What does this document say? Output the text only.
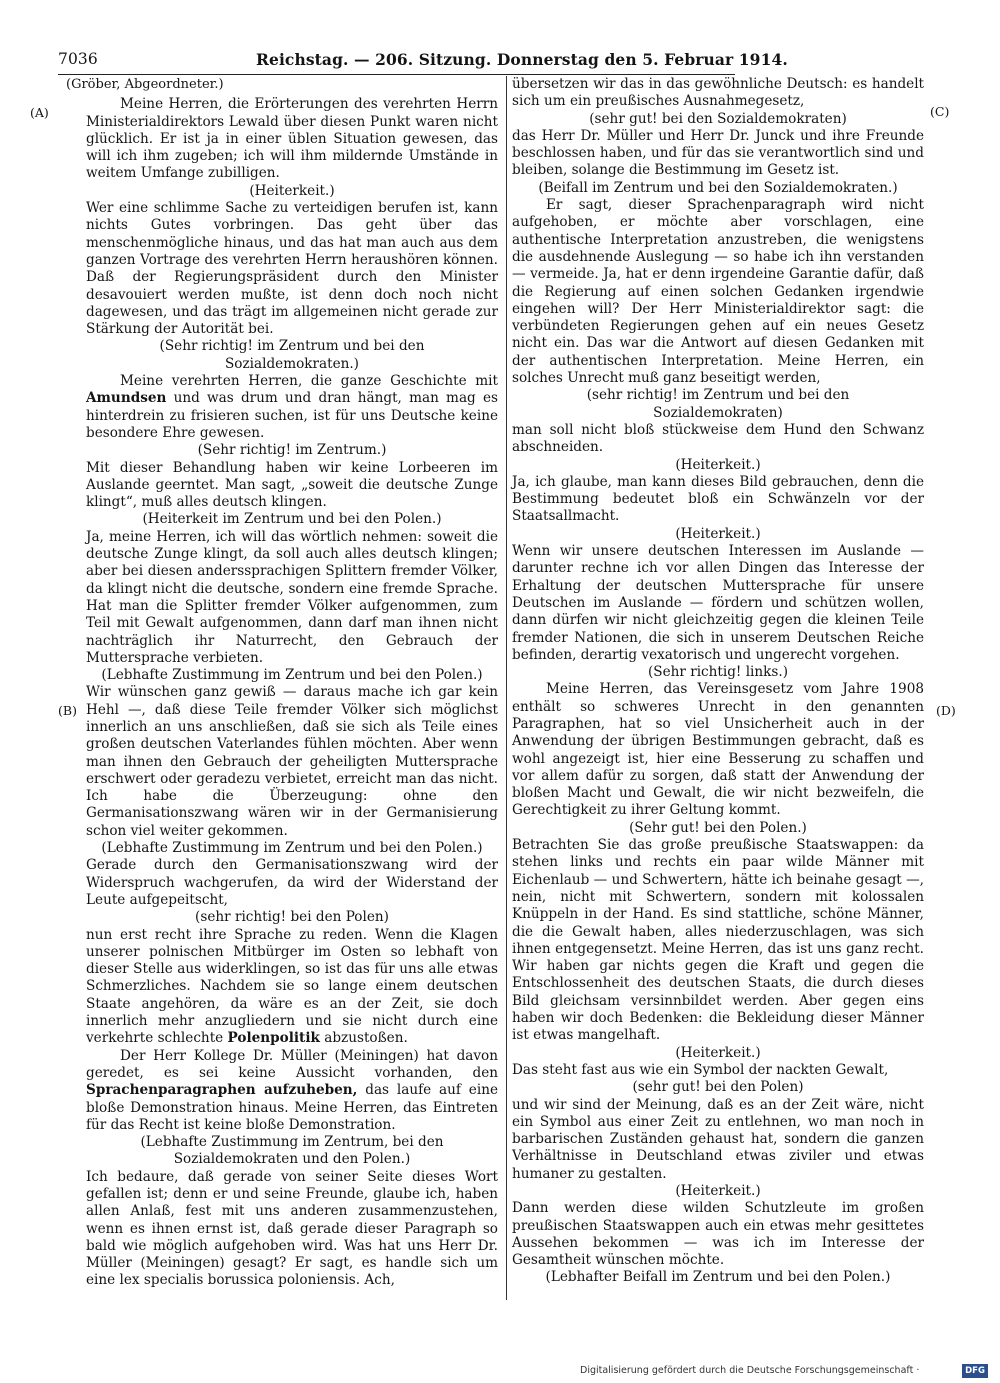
7036	Reichstag. — 206. Sitzung. Donnerstag den 5. Februar 1914.
(A)
(B)
(C)
(D)

(Gröber, Abgeordneter.)

Meine Herren, die Erörterungen des verehrten Herrn Ministerialdirektors Lewald über diesen Punkt waren nicht glücklich. Er ist ja in einer üblen Situation gewesen, das will ich ihm zugeben; ich will ihm mildernde Umstände in weitem Umfange zubilligen.

(Heiterkeit.)

Wer eine schlimme Sache zu verteidigen berufen ist, kann nichts Gutes vorbringen. Das geht über das menschenmögliche hinaus, und das hat man auch aus dem ganzen Vortrage des verehrten Herrn heraushören können. Daß der Regierungspräsident durch den Minister desavouiert werden mußte, ist denn doch noch nicht dagewesen, und das trägt im allgemeinen nicht gerade zur Stärkung der Autorität bei.

(Sehr richtig! im Zentrum und bei den Sozialdemokraten.)

Meine verehrten Herren, die ganze Geschichte mit Amundsen und was drum und dran hängt, man mag es hinterdrein zu frisieren suchen, ist für uns Deutsche keine besondere Ehre gewesen.

(Sehr richtig! im Zentrum.)

Mit dieser Behandlung haben wir keine Lorbeeren im Auslande geerntet. Man sagt, „soweit die deutsche Zunge klingt“, muß alles deutsch klingen.

(Heiterkeit im Zentrum und bei den Polen.)

Ja, meine Herren, ich will das wörtlich nehmen: soweit die deutsche Zunge klingt, da soll auch alles deutsch klingen; aber bei diesen anderssprachigen Splittern fremder Völker, da klingt nicht die deutsche, sondern eine fremde Sprache. Hat man die Splitter fremder Völker aufgenommen, zum Teil mit Gewalt aufgenommen, dann darf man ihnen nicht nachträglich ihr Naturrecht, den Gebrauch der Muttersprache verbieten.

(Lebhafte Zustimmung im Zentrum und bei den Polen.)

Wir wünschen ganz gewiß — daraus mache ich gar kein Hehl —, daß diese Teile fremder Völker sich möglichst innerlich an uns anschließen, daß sie sich als Teile eines großen deutschen Vaterlandes fühlen möchten. Aber wenn man ihnen den Gebrauch der geheiligten Muttersprache erschwert oder geradezu verbietet, erreicht man das nicht. Ich habe die Überzeugung: ohne den Germanisationszwang wären wir in der Germanisierung schon viel weiter gekommen.

(Lebhafte Zustimmung im Zentrum und bei den Polen.)

Gerade durch den Germanisationszwang wird der Widerspruch wachgerufen, da wird der Widerstand der Leute aufgepeitscht,

(sehr richtig! bei den Polen)

nun erst recht ihre Sprache zu reden. Wenn die Klagen unserer polnischen Mitbürger im Osten so lebhaft von dieser Stelle aus widerklingen, so ist das für uns alle etwas Schmerzliches. Nachdem sie so lange einem deutschen Staate angehören, da wäre es an der Zeit, sie doch innerlich mehr anzugliedern und sie nicht durch eine verkehrte schlechte Polenpolitik abzustoßen.

Der Herr Kollege Dr. Müller (Meiningen) hat davon geredet, es sei keine Aussicht vorhanden, den Sprachenparagraphen aufzuheben, das laufe auf eine bloße Demonstration hinaus. Meine Herren, das Eintreten für das Recht ist keine bloße Demonstration.

(Lebhafte Zustimmung im Zentrum, bei den Sozialdemokraten und den Polen.)

Ich bedaure, daß gerade von seiner Seite dieses Wort gefallen ist; denn er und seine Freunde, glaube ich, haben allen Anlaß, fest mit uns anderen zusammenzustehen, wenn es ihnen ernst ist, daß gerade dieser Paragraph so bald wie möglich aufgehoben wird. Was hat uns Herr Dr. Müller (Meiningen) gesagt? Er sagt, es handle sich um eine lex specialis borussica poloniensis. Ach,

übersetzen wir das in das gewöhnliche Deutsch: es handelt sich um ein preußisches Ausnahmegesetz,

(sehr gut! bei den Sozialdemokraten)

das Herr Dr. Müller und Herr Dr. Junck und ihre Freunde beschlossen haben, und für das sie verantwortlich sind und bleiben, solange die Bestimmung im Gesetz ist.

(Beifall im Zentrum und bei den Sozialdemokraten.)

Er sagt, dieser Sprachenparagraph wird nicht aufgehoben, er möchte aber vorschlagen, eine authentische Interpretation anzustreben, die wenigstens die ausdehnende Auslegung — so habe ich ihn verstanden — vermeide. Ja, hat er denn irgendeine Garantie dafür, daß die Regierung auf einen solchen Gedanken irgendwie eingehen will? Der Herr Ministerialdirektor sagt: die verbündeten Regierungen gehen auf ein neues Gesetz nicht ein. Das war die Antwort auf diesen Gedanken mit der authentischen Interpretation. Meine Herren, ein solches Unrecht muß ganz beseitigt werden,

(sehr richtig! im Zentrum und bei den Sozialdemokraten)

man soll nicht bloß stückweise dem Hund den Schwanz abschneiden.

(Heiterkeit.)

Ja, ich glaube, man kann dieses Bild gebrauchen, denn die Bestimmung bedeutet bloß ein Schwänzeln vor der Staatsallmacht.

(Heiterkeit.)

Wenn wir unsere deutschen Interessen im Auslande — darunter rechne ich vor allen Dingen das Interesse der Erhaltung der deutschen Muttersprache für unsere Deutschen im Auslande — fördern und schützen wollen, dann dürfen wir nicht gleichzeitig gegen die kleinen Teile fremder Nationen, die sich in unserem Deutschen Reiche befinden, derartig vexatorisch und ungerecht vorgehen.

(Sehr richtig! links.)

Meine Herren, das Vereinsgesetz vom Jahre 1908 enthält so schweres Unrecht in den genannten Paragraphen, hat so viel Unsicherheit auch in der Anwendung der übrigen Bestimmungen gebracht, daß es wohl angezeigt ist, hier eine Besserung zu schaffen und vor allem dafür zu sorgen, daß statt der Anwendung der bloßen Macht und Gewalt, die wir nicht bezweifeln, die Gerechtigkeit zu ihrer Geltung kommt.

(Sehr gut! bei den Polen.)

Betrachten Sie das große preußische Staatswappen: da stehen links und rechts ein paar wilde Männer mit Eichenlaub — und Schwertern, hätte ich beinahe gesagt —, nein, nicht mit Schwertern, sondern mit kolossalen Knüppeln in der Hand. Es sind stattliche, schöne Männer, die die Gewalt haben, alles niederzuschlagen, was sich ihnen entgegensetzt. Meine Herren, das ist uns ganz recht. Wir haben gar nichts gegen die Kraft und gegen die Entschlossenheit des deutschen Staats, die durch dieses Bild gleichsam versinnbildet werden. Aber gegen eins haben wir doch Bedenken: die Bekleidung dieser Männer ist etwas mangelhaft.

(Heiterkeit.)

Das steht fast aus wie ein Symbol der nackten Gewalt,

(sehr gut! bei den Polen)

und wir sind der Meinung, daß es an der Zeit wäre, nicht ein Symbol aus einer Zeit zu entlehnen, wo man noch in barbarischen Zuständen gehaust hat, sondern die ganzen Verhältnisse in Deutschland etwas ziviler und etwas humaner zu gestalten.

(Heiterkeit.)

Dann werden diese wilden Schutzleute im großen preußischen Staatswappen auch ein etwas mehr gesittetes Aussehen bekommen — was ich im Interesse der Gesamtheit wünschen möchte.

(Lebhafter Beifall im Zentrum und bei den Polen.)

Digitalisierung gefördert durch die Deutsche Forschungsgemeinschaft ·	DFG
